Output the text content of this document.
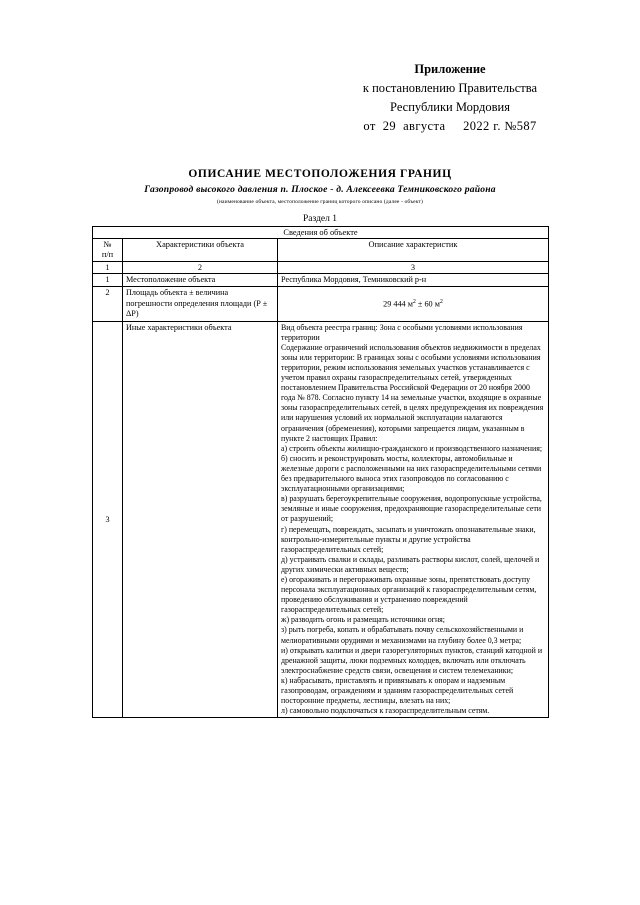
Приложение
к постановлению Правительства
Республики Мордовия
от  29  августа     2022 г. №587
ОПИСАНИЕ МЕСТОПОЛОЖЕНИЯ ГРАНИЦ
Газопровод высокого давления п. Плоское - д. Алексеевка Темниковского района
(наименование объекта, местоположение границ которого описано (далее - объект)
Раздел 1
Сведения об объекте		
№
п/п	Характеристики объекта	Описание характеристик
1	2	3
1	Местоположение объекта	Республика Мордовия, Темниковский р-н
2	Площадь объекта ± величина погрешности определения площади (Р ± ΔР)	29 444 $м^2 \pm 60$ $м^2$
3	Иные характеристики объекта	Вид объекта реестра границ: Зона с особыми условиями использования территории

Содержание ограничений использования объектов недвижимости в пределах зоны или территории: В границах зоны с особыми условиями использования территории, режим использования земельных участков устанавливается с учетом правил охраны газораспределительных сетей, утвержденных постановлением Правительства Российской Федерации от 20 ноября 2000 года № 878. Согласно пункту 14 на земельные участки, входящие в охранные зоны газораспределительных сетей, в целях предупреждения их повреждения или нарушения условий их нормальной эксплуатации налагаются ограничения (обременения), которыми запрещается лицам, указанным в пункте 2 настоящих Правил:

а) строить объекты жилищно-гражданского и производственного назначения;

б) сносить и реконструировать мосты, коллекторы, автомобильные и железные дороги с расположенными на них газораспределительными сетями без предварительного выноса этих газопроводов по согласованию с эксплуатационными организациями;

в) разрушать берегоукрепительные сооружения, водопропускные устройства, земляные и иные сооружения, предохраняющие газораспределительные сети от разрушений;

г) перемещать, повреждать, засыпать и уничтожать опознавательные знаки, контрольно-измерительные пункты и другие устройства газораспределительных сетей;

д) устраивать свалки и склады, разливать растворы кислот, солей, щелочей и других химически активных веществ;

е) огораживать и перегораживать охранные зоны, препятствовать доступу персонала эксплуатационных организаций к газораспределительным сетям, проведению обслуживания и устранению повреждений газораспределительных сетей;

ж) разводить огонь и размещать источники огня;

з) рыть погреба, копать и обрабатывать почву сельскохозяйственными и мелиоративными орудиями и механизмами на глубину более 0,3 метра;

и) открывать калитки и двери газорегуляторных пунктов, станций катодной и дренажной защиты, люки подземных колодцев, включать или отключать электроснабжение средств связи, освещения и систем телемеханики;

к) набрасывать, приставлять и привязывать к опорам и надземным газопроводам, ограждениям и зданиям газораспределительных сетей посторонние предметы, лестницы, влезать на них;

л) самовольно подключаться к газораспределительным сетям.
